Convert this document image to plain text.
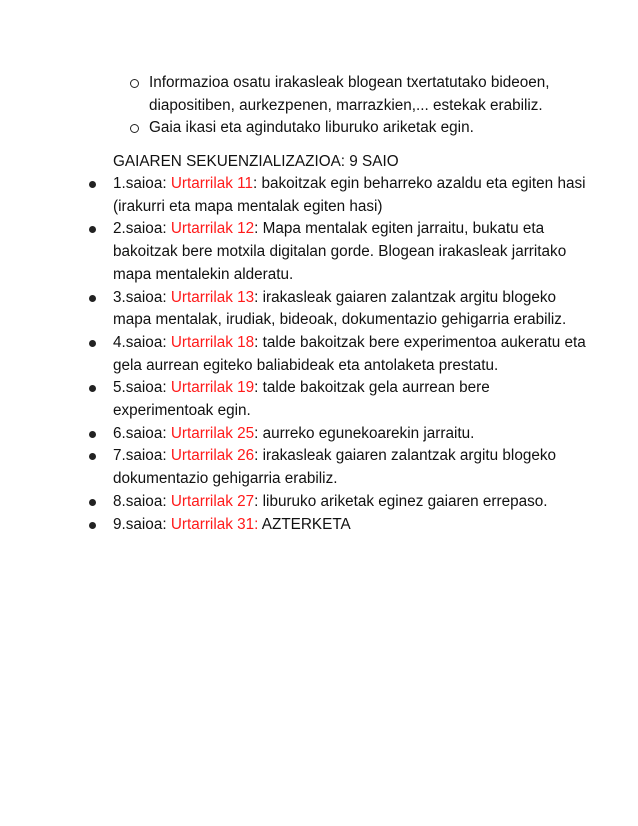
Informazioa osatu irakasleak blogean txertatutako bideoen, diapositiben, aurkezpenen, marrazkien,... estekak erabiliz.
Gaia ikasi eta agindutako liburuko ariketak egin.
GAIAREN SEKUENZIALIZAZIOA: 9 SAIO
1.saioa: Urtarrilak 11: bakoitzak egin beharreko azaldu eta egiten hasi (irakurri eta mapa mentalak egiten hasi)
2.saioa: Urtarrilak 12: Mapa mentalak egiten jarraitu, bukatu eta bakoitzak bere motxila digitalan gorde. Blogean irakasleak jarritako mapa mentalekin alderatu.
3.saioa: Urtarrilak 13: irakasleak gaiaren zalantzak argitu blogeko mapa mentalak, irudiak, bideoak, dokumentazio gehigarria erabiliz.
4.saioa: Urtarrilak 18: talde bakoitzak bere experimentoa aukeratu eta gela aurrean egiteko baliabideak eta antolaketa prestatu.
5.saioa: Urtarrilak 19: talde bakoitzak gela aurrean bere experimentoak egin.
6.saioa: Urtarrilak 25: aurreko egunekoarekin jarraitu.
7.saioa: Urtarrilak 26: irakasleak gaiaren zalantzak argitu blogeko dokumentazio gehigarria erabiliz.
8.saioa: Urtarrilak 27: liburuko ariketak eginez gaiaren errepaso.
9.saioa: Urtarrilak 31: AZTERKETA
